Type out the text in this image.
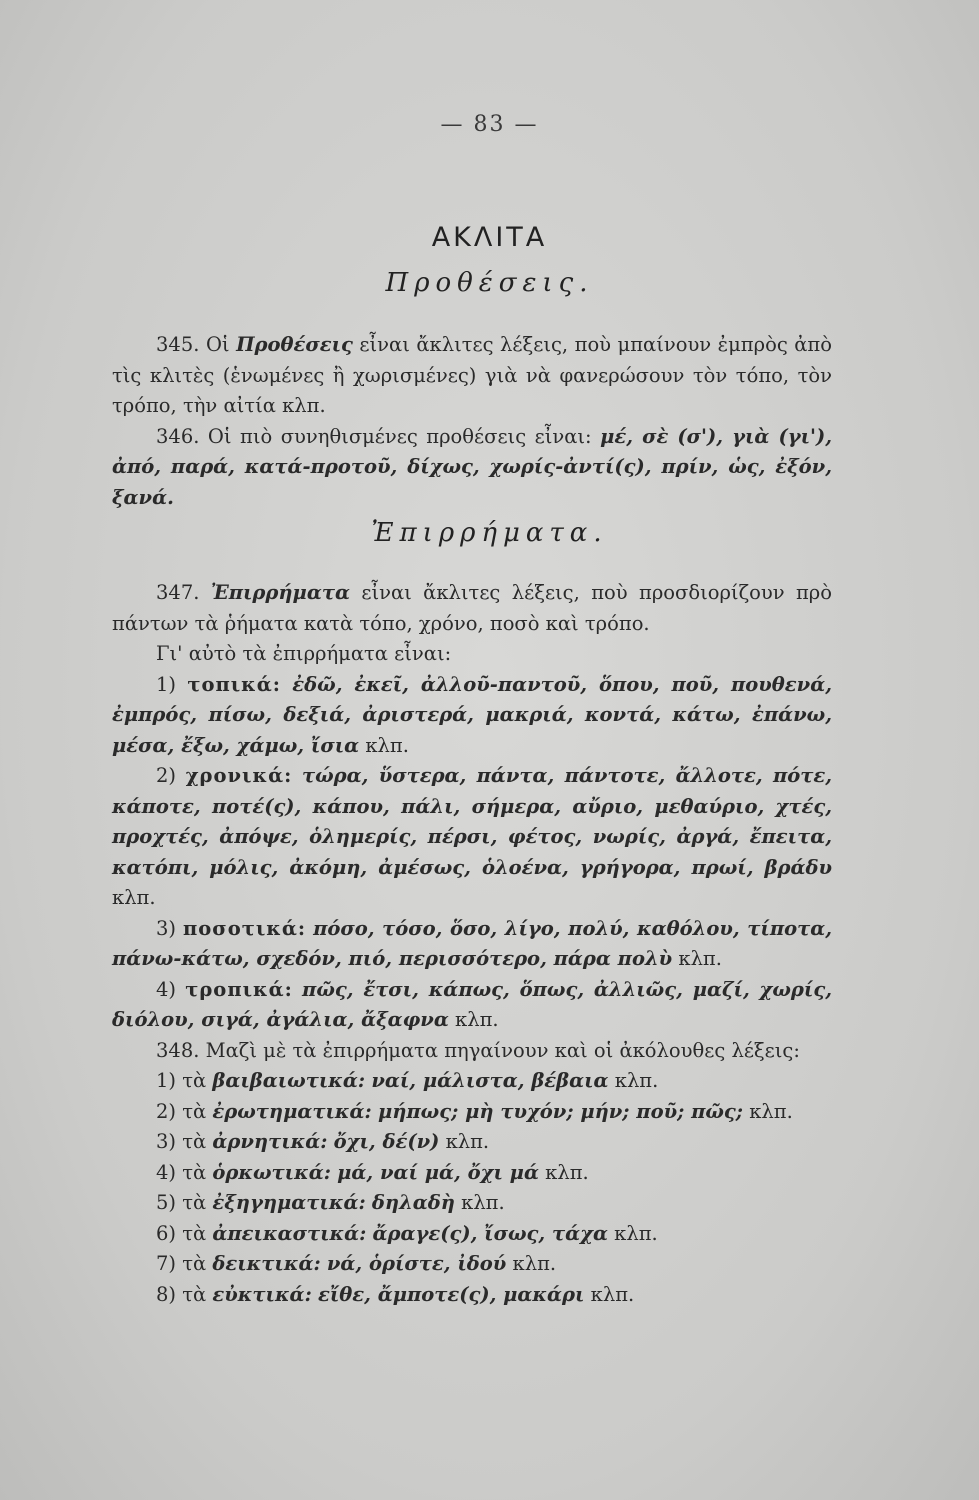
— 83 —
ΑΚΛΙΤΑ
Προθέσεις.

345. Οἱ Προθέσεις εἶναι ἄκλιτες λέξεις, ποὺ μπαίνουν ἐμπρὸς ἀπὸ τὶς κλιτὲς (ἑνωμένες ἢ χωρισμένες) γιὰ νὰ φανερώσουν τὸν τόπο, τὸν τρόπο, τὴν αἰτία κλπ.

346. Οἱ πιὸ συνηθισμένες προθέσεις εἶναι: μέ, σὲ (σ'), γιὰ (γι'), ἀπό, παρά, κατά-προτοῦ, δίχως, χωρίς-ἀντί(ς), πρίν, ὡς, ἐξόν, ξανά.

Ἐπιρρήματα.

347. Ἐπιρρήματα εἶναι ἄκλιτες λέξεις, ποὺ προσδιορίζουν πρὸ πάντων τὰ ῥήματα κατὰ τόπο, χρόνο, ποσὸ καὶ τρόπο.

Γι' αὐτὸ τὰ ἐπιρρήματα εἶναι:

1) τοπικά: ἐδῶ, ἐκεῖ, ἀλλοῦ-παντοῦ, ὅπου, ποῦ, πουθενά, ἐμπρός, πίσω, δεξιά, ἀριστερά, μακριά, κοντά, κάτω, ἐπάνω, μέσα, ἔξω, χάμω, ἴσια κλπ.

2) χρονικά: τώρα, ὕστερα, πάντα, πάντοτε, ἄλλοτε, πότε, κάποτε, ποτέ(ς), κάπου, πάλι, σήμερα, αὔριο, μεθαύριο, χτές, προχτές, ἀπόψε, ὁλημερίς, πέρσι, φέτος, νωρίς, ἀργά, ἔπειτα, κατόπι, μόλις, ἀκόμη, ἀμέσως, ὁλοένα, γρήγορα, πρωί, βράδυ κλπ.

3) ποσοτικά: πόσο, τόσο, ὅσο, λίγο, πολύ, καθόλου, τίποτα, πάνω-κάτω, σχεδόν, πιό, περισσότερο, πάρα πολὺ κλπ.

4) τροπικά: πῶς, ἔτσι, κάπως, ὅπως, ἀλλιῶς, μαζί, χωρίς, διόλου, σιγά, ἀγάλια, ἄξαφνα κλπ.

348. Μαζὶ μὲ τὰ ἐπιρρήματα πηγαίνουν καὶ οἱ ἀκόλουθες λέξεις:

1) τὰ βαιβαιωτικά: ναί, μάλιστα, βέβαια κλπ.

2) τὰ ἐρωτηματικά: μήπως; μὴ τυχόν; μήν; ποῦ; πῶς; κλπ.

3) τὰ ἀρνητικά: ὄχι, δέ(ν) κλπ.

4) τὰ ὁρκωτικά: μά, ναί μά, ὄχι μά κλπ.

5) τὰ ἐξηγηματικά: δηλαδὴ κλπ.

6) τὰ ἀπεικαστικά: ἄραγε(ς), ἴσως, τάχα κλπ.

7) τὰ δεικτικά: νά, ὁρίστε, ἰδού κλπ.

8) τὰ εὐκτικά: εἴθε, ἄμποτε(ς), μακάρι κλπ.
